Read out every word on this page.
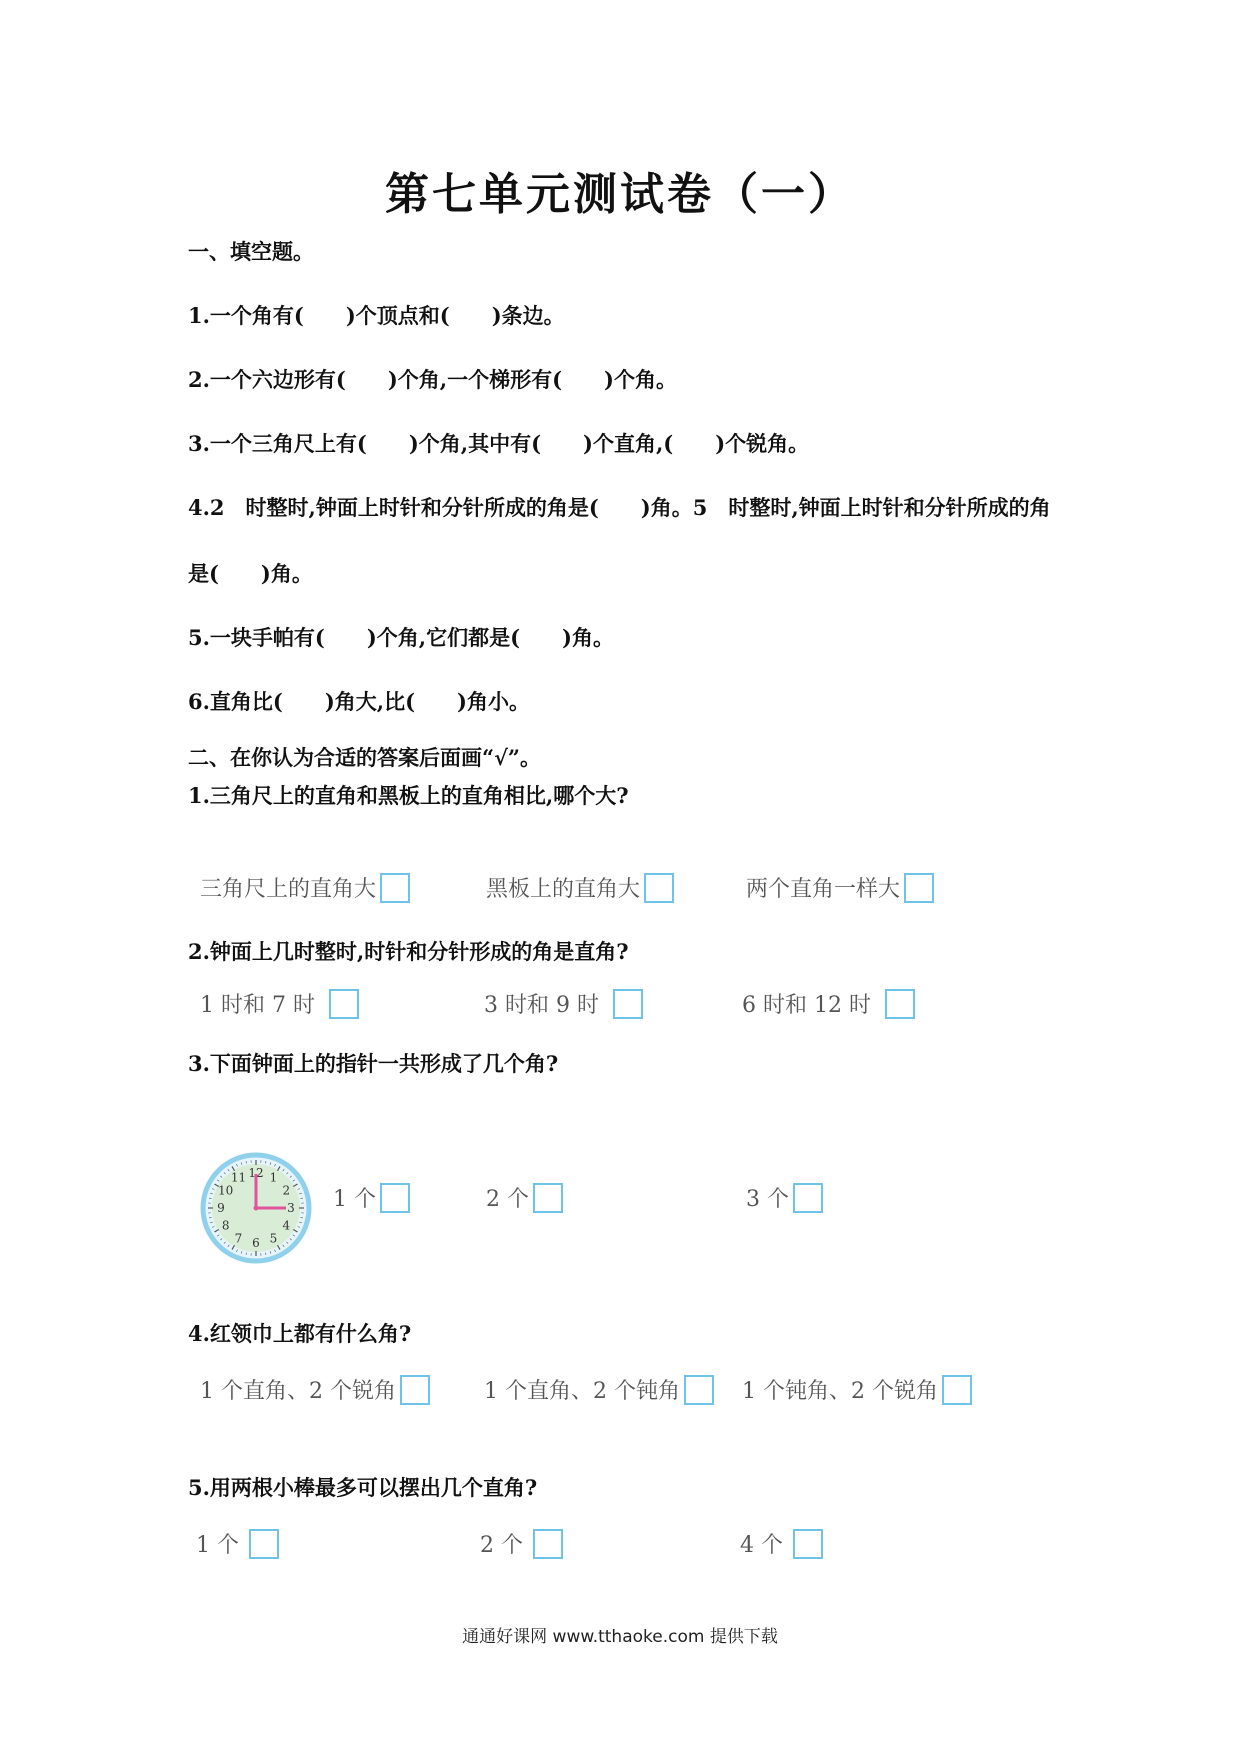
第七单元测试卷（一）
一、填空题。
1.一个角有(　　)个顶点和(　　)条边。
2.一个六边形有(　　)个角,一个梯形有(　　)个角。
3.一个三角尺上有(　　)个角,其中有(　　)个直角,(　　)个锐角。
4.2　时整时,钟面上时针和分针所成的角是(　　)角。5　时整时,钟面上时针和分针所成的角
是(　　)角。
5.一块手帕有(　　)个角,它们都是(　　)角。
6.直角比(　　)角大,比(　　)角小。
二、在你认为合适的答案后面画“√”。
1.三角尺上的直角和黑板上的直角相比,哪个大?
三角尺上的直角大	黑板上的直角大	两个直角一样大
2.钟面上几时整时,时针和分针形成的角是直角?
1 时和 7 时	3 时和 9 时	6 时和 12 时
3.下面钟面上的指针一共形成了几个角?
12 1
2
3
4
5
6
7
8
9
10
11
1 个	2 个	3 个
4.红领巾上都有什么角?
1 个直角、2 个锐角	1 个直角、2 个钝角	1 个钝角、2 个锐角
5.用两根小棒最多可以摆出几个直角?
1 个	2 个	4 个
通通好课网 www.tthaoke.com 提供下载
